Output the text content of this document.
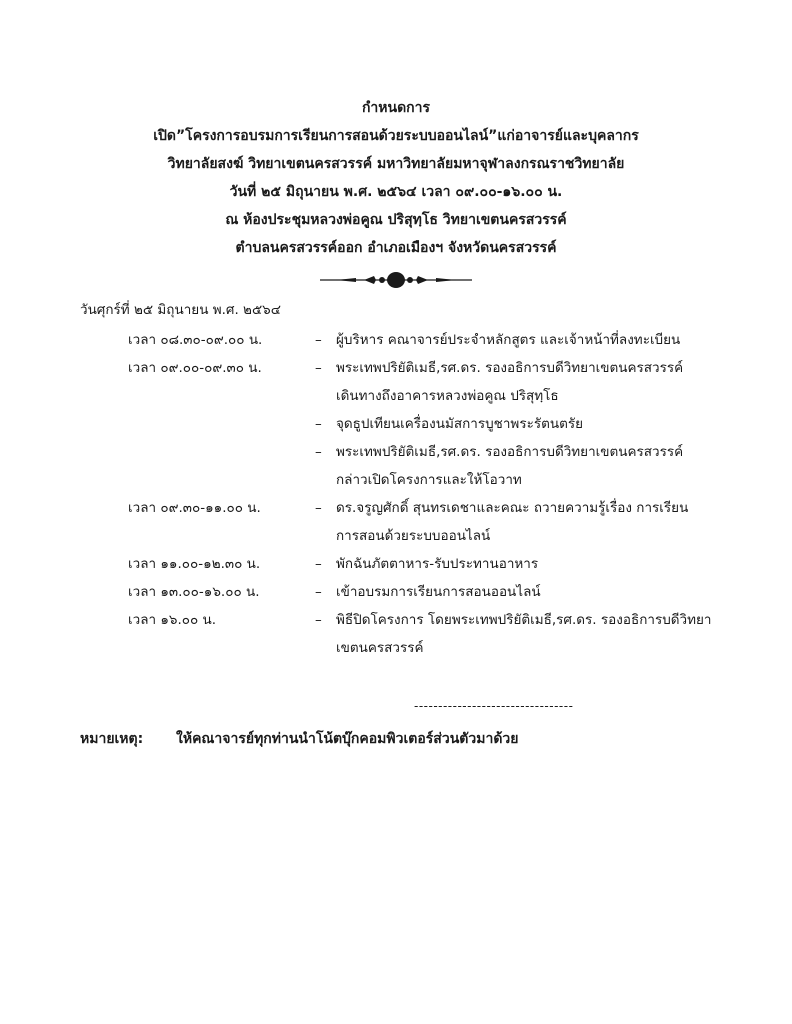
กำหนดการ
เปิด”โครงการอบรมการเรียนการสอนด้วยระบบออนไลน์”แก่อาจารย์และบุคลากร
วิทยาลัยสงฆ์ วิทยาเขตนครสวรรค์ มหาวิทยาลัยมหาจุฬาลงกรณราชวิทยาลัย
วันที่ ๒๕ มิถุนายน พ.ศ. ๒๕๖๔ เวลา ๐๙.๐๐-๑๖.๐๐ น.
ณ ห้องประชุมหลวงพ่อคูณ ปริสุทฺโธ วิทยาเขตนครสวรรค์
ตำบลนครสวรรค์ออก อำเภอเมืองฯ จังหวัดนครสวรรค์
วันศุกร์ที่ ๒๕ มิถุนายน พ.ศ. ๒๕๖๔
เวลา ๐๘.๓๐-๐๙.๐๐ น.	– ผู้บริหาร คณาจารย์ประจำหลักสูตร และเจ้าหน้าที่ลงทะเบียน
เวลา ๐๙.๐๐-๐๙.๓๐ น.	– พระเทพปริยัติเมธี,รศ.ดร. รองอธิการบดีวิทยาเขตนครสวรรค์
เดินทางถึงอาคารหลวงพ่อคูณ ปริสุทฺโธ
– จุดธูปเทียนเครื่องนมัสการบูชาพระรัตนตรัย
– พระเทพปริยัติเมธี,รศ.ดร. รองอธิการบดีวิทยาเขตนครสวรรค์
กล่าวเปิดโครงการและให้โอวาท
เวลา ๐๙.๓๐-๑๑.๐๐ น.	– ดร.จรูญศักดิ์ สุนทรเดชาและคณะ ถวายความรู้เรื่อง การเรียน
การสอนด้วยระบบออนไลน์
เวลา ๑๑.๐๐-๑๒.๓๐ น.	– พักฉันภัตตาหาร-รับประทานอาหาร
เวลา ๑๓.๐๐-๑๖.๐๐ น.	– เข้าอบรมการเรียนการสอนออนไลน์
เวลา ๑๖.๐๐ น.	– พิธีปิดโครงการ โดยพระเทพปริยัติเมธี,รศ.ดร. รองอธิการบดีวิทยา
เขตนครสวรรค์
---------------------------------
หมายเหตุ: ให้คณาจารย์ทุกท่านนำโน้ตบุ๊กคอมพิวเตอร์ส่วนตัวมาด้วย
